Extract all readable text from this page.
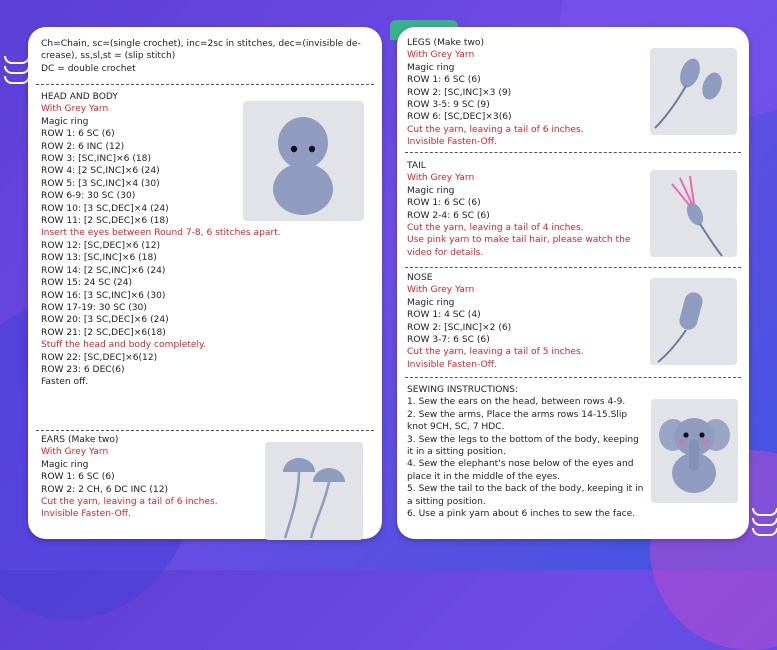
Ch=Chain, sc=(single crochet), inc=2sc in stitches, dec=(invisible de-
crease), ss,sl,st = (slip stitch)
DC = double crochet
HEAD AND BODY
With Grey Yarn
Magic ring
ROW 1: 6 SC (6)
ROW 2: 6 INC (12)
ROW 3: [SC,INC]×6 (18)
ROW 4: [2 SC,INC]×6 (24)
ROW 5: [3 SC,INC]×4 (30)
ROW 6-9: 30 SC (30)
ROW 10: [3 SC,DEC]×4 (24)
ROW 11: [2 SC,DEC]×6 (18)
Insert the eyes between Round 7-8, 6 stitches apart.
ROW 12: [SC,DEC]×6 (12)
ROW 13: [SC,INC]×6 (18)
ROW 14: [2 SC,INC]×6 (24)
ROW 15: 24 SC (24)
ROW 16: [3 SC,INC]×6 (30)
ROW 17-19: 30 SC (30)
ROW 20: [3 SC,DEC]×6 (24)
ROW 21: [2 SC,DEC]×6(18)
Stuff the head and body completely.
ROW 22: [SC,DEC]×6(12)
ROW 23: 6 DEC(6)
Fasten off.
EARS (Make two)
With Grey Yarn
Magic ring
ROW 1: 6 SC (6)
ROW 2: 2 CH, 6 DC INC (12)
Cut the yarn, leaving a tail of 6 inches.
Invisible Fasten-Off.
LEGS (Make two)
With Grey Yarn
Magic ring
ROW 1: 6 SC (6)
ROW 2: [SC,INC]×3 (9)
ROW 3-5: 9 SC (9)
ROW 6: [SC,DEC]×3(6)
Cut the yarn, leaving a tail of 6 inches.
Invisible Fasten-Off.
TAIL
With Grey Yarn
Magic ring
ROW 1: 6 SC (6)
ROW 2-4: 6 SC (6)
Cut the yarn, leaving a tail of 4 inches.
Use pink yarn to make tail hair, please watch the
video for details.
NOSE
With Grey Yarn
Magic ring
ROW 1: 4 SC (4)
ROW 2: [SC,INC]×2 (6)
ROW 3-7: 6 SC (6)
Cut the yarn, leaving a tail of 5 inches.
Invisible Fasten-Off.
SEWING INSTRUCTIONS:
1. Sew the ears on the head, between rows 4-9.
2. Sew the arms, Place the arms rows 14-15.Slip
knot 9CH, SC, 7 HDC.
3. Sew the legs to the bottom of the body, keeping
it in a sitting position.
4. Sew the elephant's nose below of the eyes and
place it in the middle of the eyes.
5. Sew the tail to the back of the body, keeping it in
a sitting position.
6. Use a pink yarn about 6 inches to sew the face.
